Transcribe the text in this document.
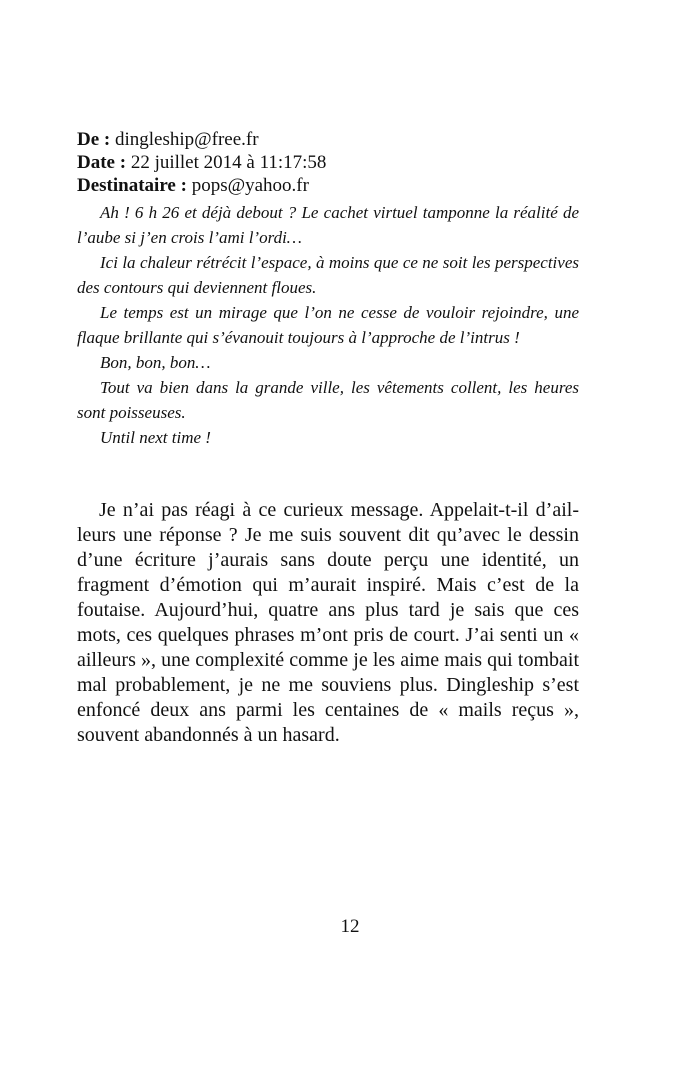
De : dingleship@free.fr
Date : 22 juillet 2014 à 11:17:58
Destinataire : pops@yahoo.fr

Ah ! 6 h 26 et déjà debout ? Le cachet virtuel tamponne la réalité de l’aube si j’en crois l’ami l’ordi…

Ici la chaleur rétrécit l’espace, à moins que ce ne soit les perspectives des contours qui deviennent floues.

Le temps est un mirage que l’on ne cesse de vouloir rejoindre, une flaque brillante qui s’évanouit toujours à l’approche de l’intrus !

Bon, bon, bon…

Tout va bien dans la grande ville, les vêtements collent, les heures sont poisseuses.

Until next time !

Je n’ai pas réagi à ce curieux message. Appelait-t-il d’ailleurs une réponse ? Je me suis souvent dit qu’avec le dessin d’une écriture j’aurais sans doute perçu une identité, un fragment d’émotion qui m’aurait inspiré. Mais c’est de la foutaise. Aujourd’hui, quatre ans plus tard je sais que ces mots, ces quelques phrases m’ont pris de court. J’ai senti un « ailleurs », une complexité comme je les aime mais qui tombait mal probablement, je ne me souviens plus. Dingleship s’est enfoncé deux ans parmi les centaines de « mails reçus », souvent abandonnés à un hasard.

12
